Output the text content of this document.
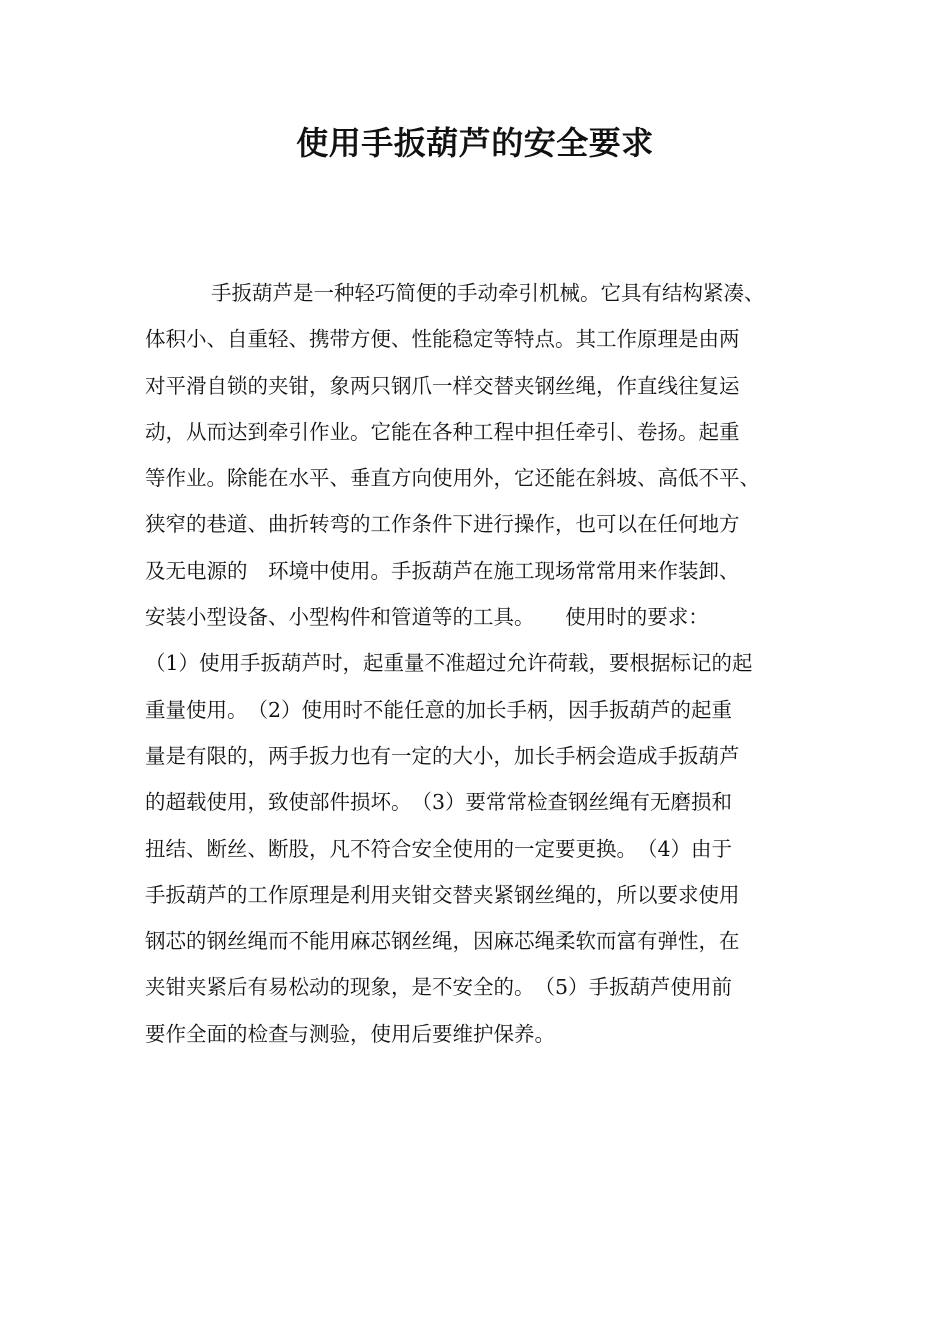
使用手扳葫芦的安全要求
手扳葫芦是一种轻巧简便的手动牵引机械。它具有结构紧凑、
体积小、自重轻、携带方便、性能稳定等特点。其工作原理是由两
对平滑自锁的夹钳，象两只钢爪一样交替夹钢丝绳，作直线往复运
动，从而达到牵引作业。它能在各种工程中担任牵引、卷扬。起重
等作业。除能在水平、垂直方向使用外，它还能在斜坡、高低不平、
狭窄的巷道、曲折转弯的工作条件下进行操作，也可以在任何地方
及无电源的　环境中使用。手扳葫芦在施工现场常常用来作装卸、
安装小型设备、小型构件和管道等的工具。　　使用时的要求：
（1）使用手扳葫芦时，起重量不准超过允许荷载，要根据标记的起
重量使用。　（2）使用时不能任意的加长手柄，因手扳葫芦的起重
量是有限的，两手扳力也有一定的大小，加长手柄会造成手扳葫芦
的超载使用，致使部件损坏。　（3）要常常检查钢丝绳有无磨损和
扭结、断丝、断股，凡不符合安全使用的一定要更换。　（4）由于
手扳葫芦的工作原理是利用夹钳交替夹紧钢丝绳的，所以要求使用
钢芯的钢丝绳而不能用麻芯钢丝绳，因麻芯绳柔软而富有弹性，在
夹钳夹紧后有易松动的现象，是不安全的。　（5）手扳葫芦使用前
要作全面的检查与测验，使用后要维护保养。
